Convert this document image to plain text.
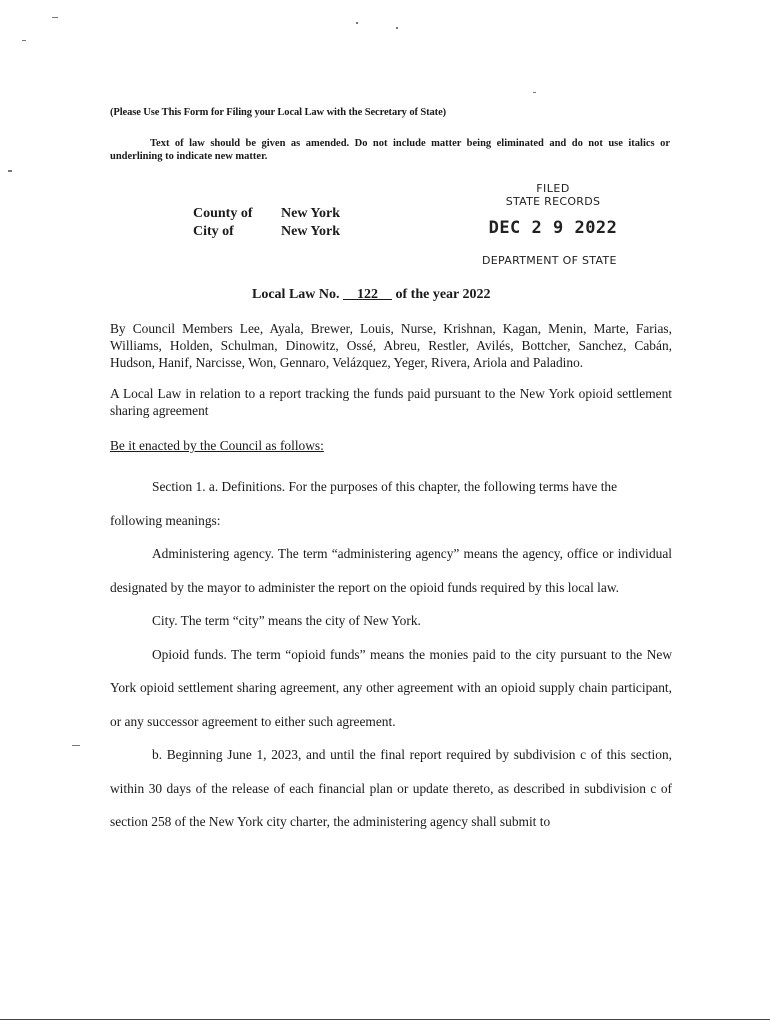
(Please Use This Form for Filing your Local Law with the Secretary of State)
Text of law should be given as amended. Do not include matter being eliminated and do not use italics or underlining to indicate new matter.
County of	New York
City of	New York
FILED
STATE RECORDS
DEC 2 9 2022
DEPARTMENT OF STATE
Local Law No. 122 of the year 2022
By Council Members Lee, Ayala, Brewer, Louis, Nurse, Krishnan, Kagan, Menin, Marte, Farias, Williams, Holden, Schulman, Dinowitz, Ossé, Abreu, Restler, Avilés, Bottcher, Sanchez, Cabán, Hudson, Hanif, Narcisse, Won, Gennaro, Velázquez, Yeger, Rivera, Ariola and Paladino.
A Local Law in relation to a report tracking the funds paid pursuant to the New York opioid settlement sharing agreement
Be it enacted by the Council as follows:

Section 1. a. Definitions. For the purposes of this chapter, the following terms have the

following meanings:

Administering agency. The term “administering agency” means the agency, office or individual designated by the mayor to administer the report on the opioid funds required by this local law.

City. The term “city” means the city of New York.

Opioid funds. The term “opioid funds” means the monies paid to the city pursuant to the New York opioid settlement sharing agreement, any other agreement with an opioid supply chain participant, or any successor agreement to either such agreement.

b. Beginning June 1, 2023, and until the final report required by subdivision c of this section, within 30 days of the release of each financial plan or update thereto, as described in subdivision c of section 258 of the New York city charter, the administering agency shall submit to
